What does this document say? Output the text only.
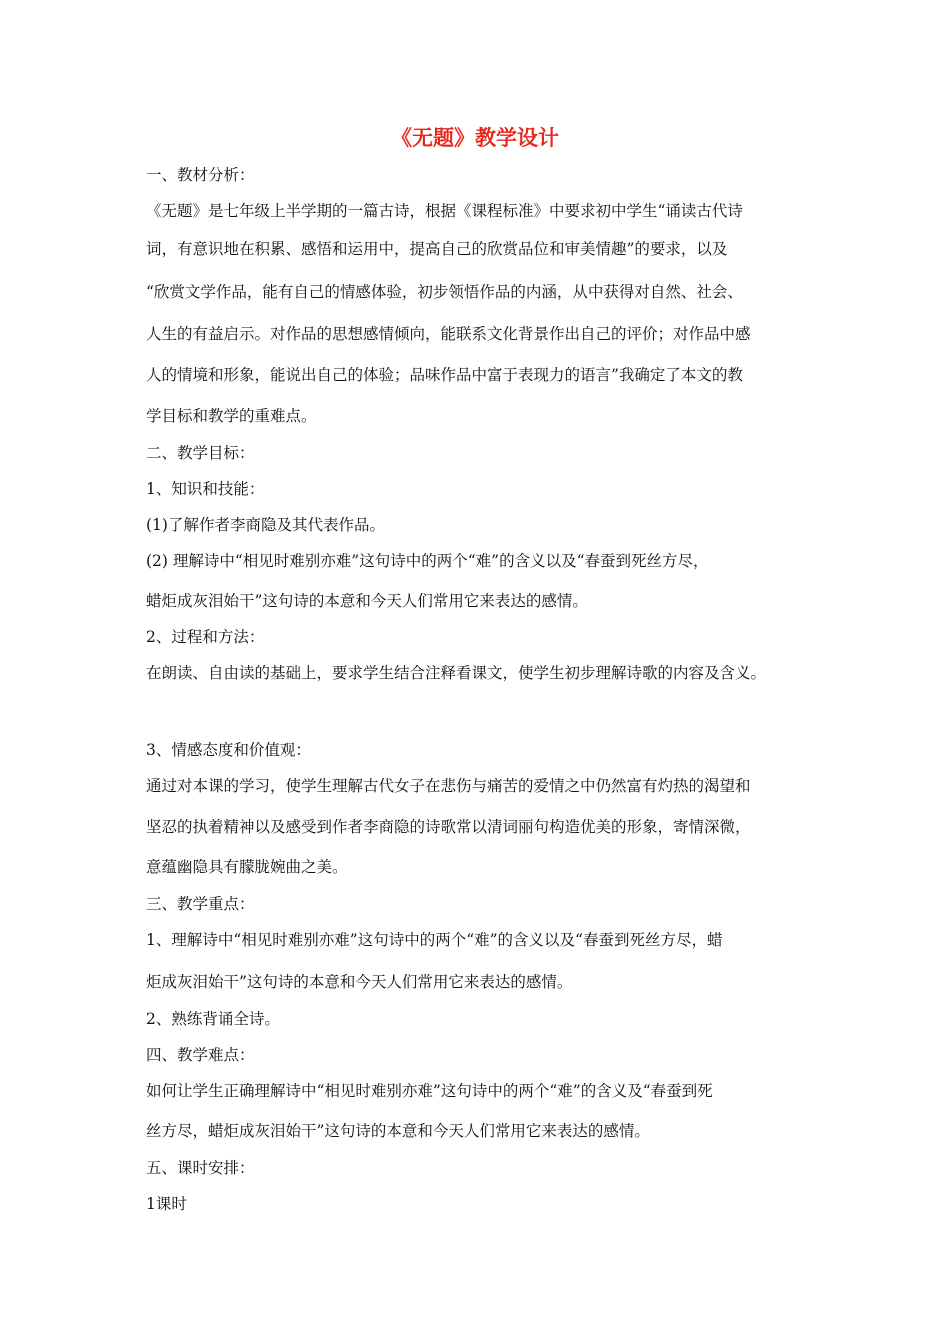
《无题》教学设计
一、教材分析：
《无题》是七年级上半学期的一篇古诗，根据《课程标准》中要求初中学生“诵读古代诗
词，有意识地在积累、感悟和运用中，提高自己的欣赏品位和审美情趣”的要求，以及
“欣赏文学作品，能有自己的情感体验，初步领悟作品的内涵，从中获得对自然、社会、
人生的有益启示。对作品的思想感情倾向，能联系文化背景作出自己的评价；对作品中感
人的情境和形象，能说出自己的体验；品味作品中富于表现力的语言”我确定了本文的教
学目标和教学的重难点。
二、教学目标：
1、知识和技能：
(1)了解作者李商隐及其代表作品。
(2) 理解诗中“相见时难别亦难”这句诗中的两个“难”的含义以及“春蚕到死丝方尽，
蜡炬成灰泪始干”这句诗的本意和今天人们常用它来表达的感情。
2、过程和方法：
在朗读、自由读的基础上，要求学生结合注释看课文，使学生初步理解诗歌的内容及含义。
3、情感态度和价值观：
通过对本课的学习，使学生理解古代女子在悲伤与痛苦的爱情之中仍然富有灼热的渴望和
坚忍的执着精神以及感受到作者李商隐的诗歌常以清词丽句构造优美的形象，寄情深微，
意蕴幽隐具有朦胧婉曲之美。
三、教学重点：
1、理解诗中“相见时难别亦难”这句诗中的两个“难”的含义以及“春蚕到死丝方尽，蜡
炬成灰泪始干”这句诗的本意和今天人们常用它来表达的感情。
2、熟练背诵全诗。
四、教学难点：
如何让学生正确理解诗中“相见时难别亦难”这句诗中的两个“难”的含义及“春蚕到死
丝方尽，蜡炬成灰泪始干”这句诗的本意和今天人们常用它来表达的感情。
五、课时安排：
1课时
